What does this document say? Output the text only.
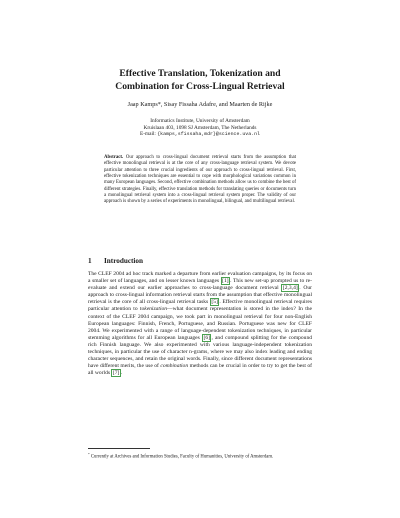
Effective Translation, Tokenization and
Combination for Cross-Lingual Retrieval
Jaap Kamps*, Sisay Fissaha Adafre, and Maarten de Rijke
Informatics Institute, University of Amsterdam
Kruislaan 403, 1098 SJ Amsterdam, The Netherlands
E-mail: {kamps,sfissaha,mdr}@science.uva.nl
Abstract. Our approach to cross-lingual document retrieval starts from the assumption that effective monolingual retrieval is at the core of any cross-language retrieval system. We devote particular attention to three crucial ingredients of our approach to cross-lingual retrieval. First, effective tokenization techniques are essential to cope with morphological variations common in many European languages. Second, effective combination methods allow us to combine the best of different strategies. Finally, effective translation methods for translating queries or documents turn a monolingual retrieval system into a cross-lingual retrieval system proper. The validity of our approach is shown by a series of experiments in monolingual, bilingual, and multilingual retrieval.
1 Introduction
The CLEF 2004 ad hoc track marked a departure from earlier evaluation campaigns, by its focus on a smaller set of languages, and on lesser known languages [1] . This new set-up prompted us to re-evaluate and extend our earlier approaches to cross-language document retrieval [2,3,4] . Our approach to cross-lingual information retrieval starts from the assumption that effective monolingual retrieval is the core of all cross-lingual retrieval tasks [5] . Effective monolingual retrieval requires particular attention to tokenization—what document representation is stored in the index? In the context of the CLEF 2004 campaign, we took part in monolingual retrieval for four non-English European languages: Finnish, French, Portuguese, and Russian. Portuguese was new for CLEF 2004. We experimented with a range of language-dependent tokenization techniques, in particular stemming algorithms for all European languages [6] , and compound splitting for the compound rich Finnish language. We also experimented with various language-independent tokenization techniques, in particular the use of character n-grams, where we may also index leading and ending character sequences, and retain the original words. Finally, since different document representations have different merits, the use of combination methods can be crucial in order to try to get the best of all worlds [7] .
* Currently at Archives and Information Studies, Faculty of Humanities, University of Amsterdam.
